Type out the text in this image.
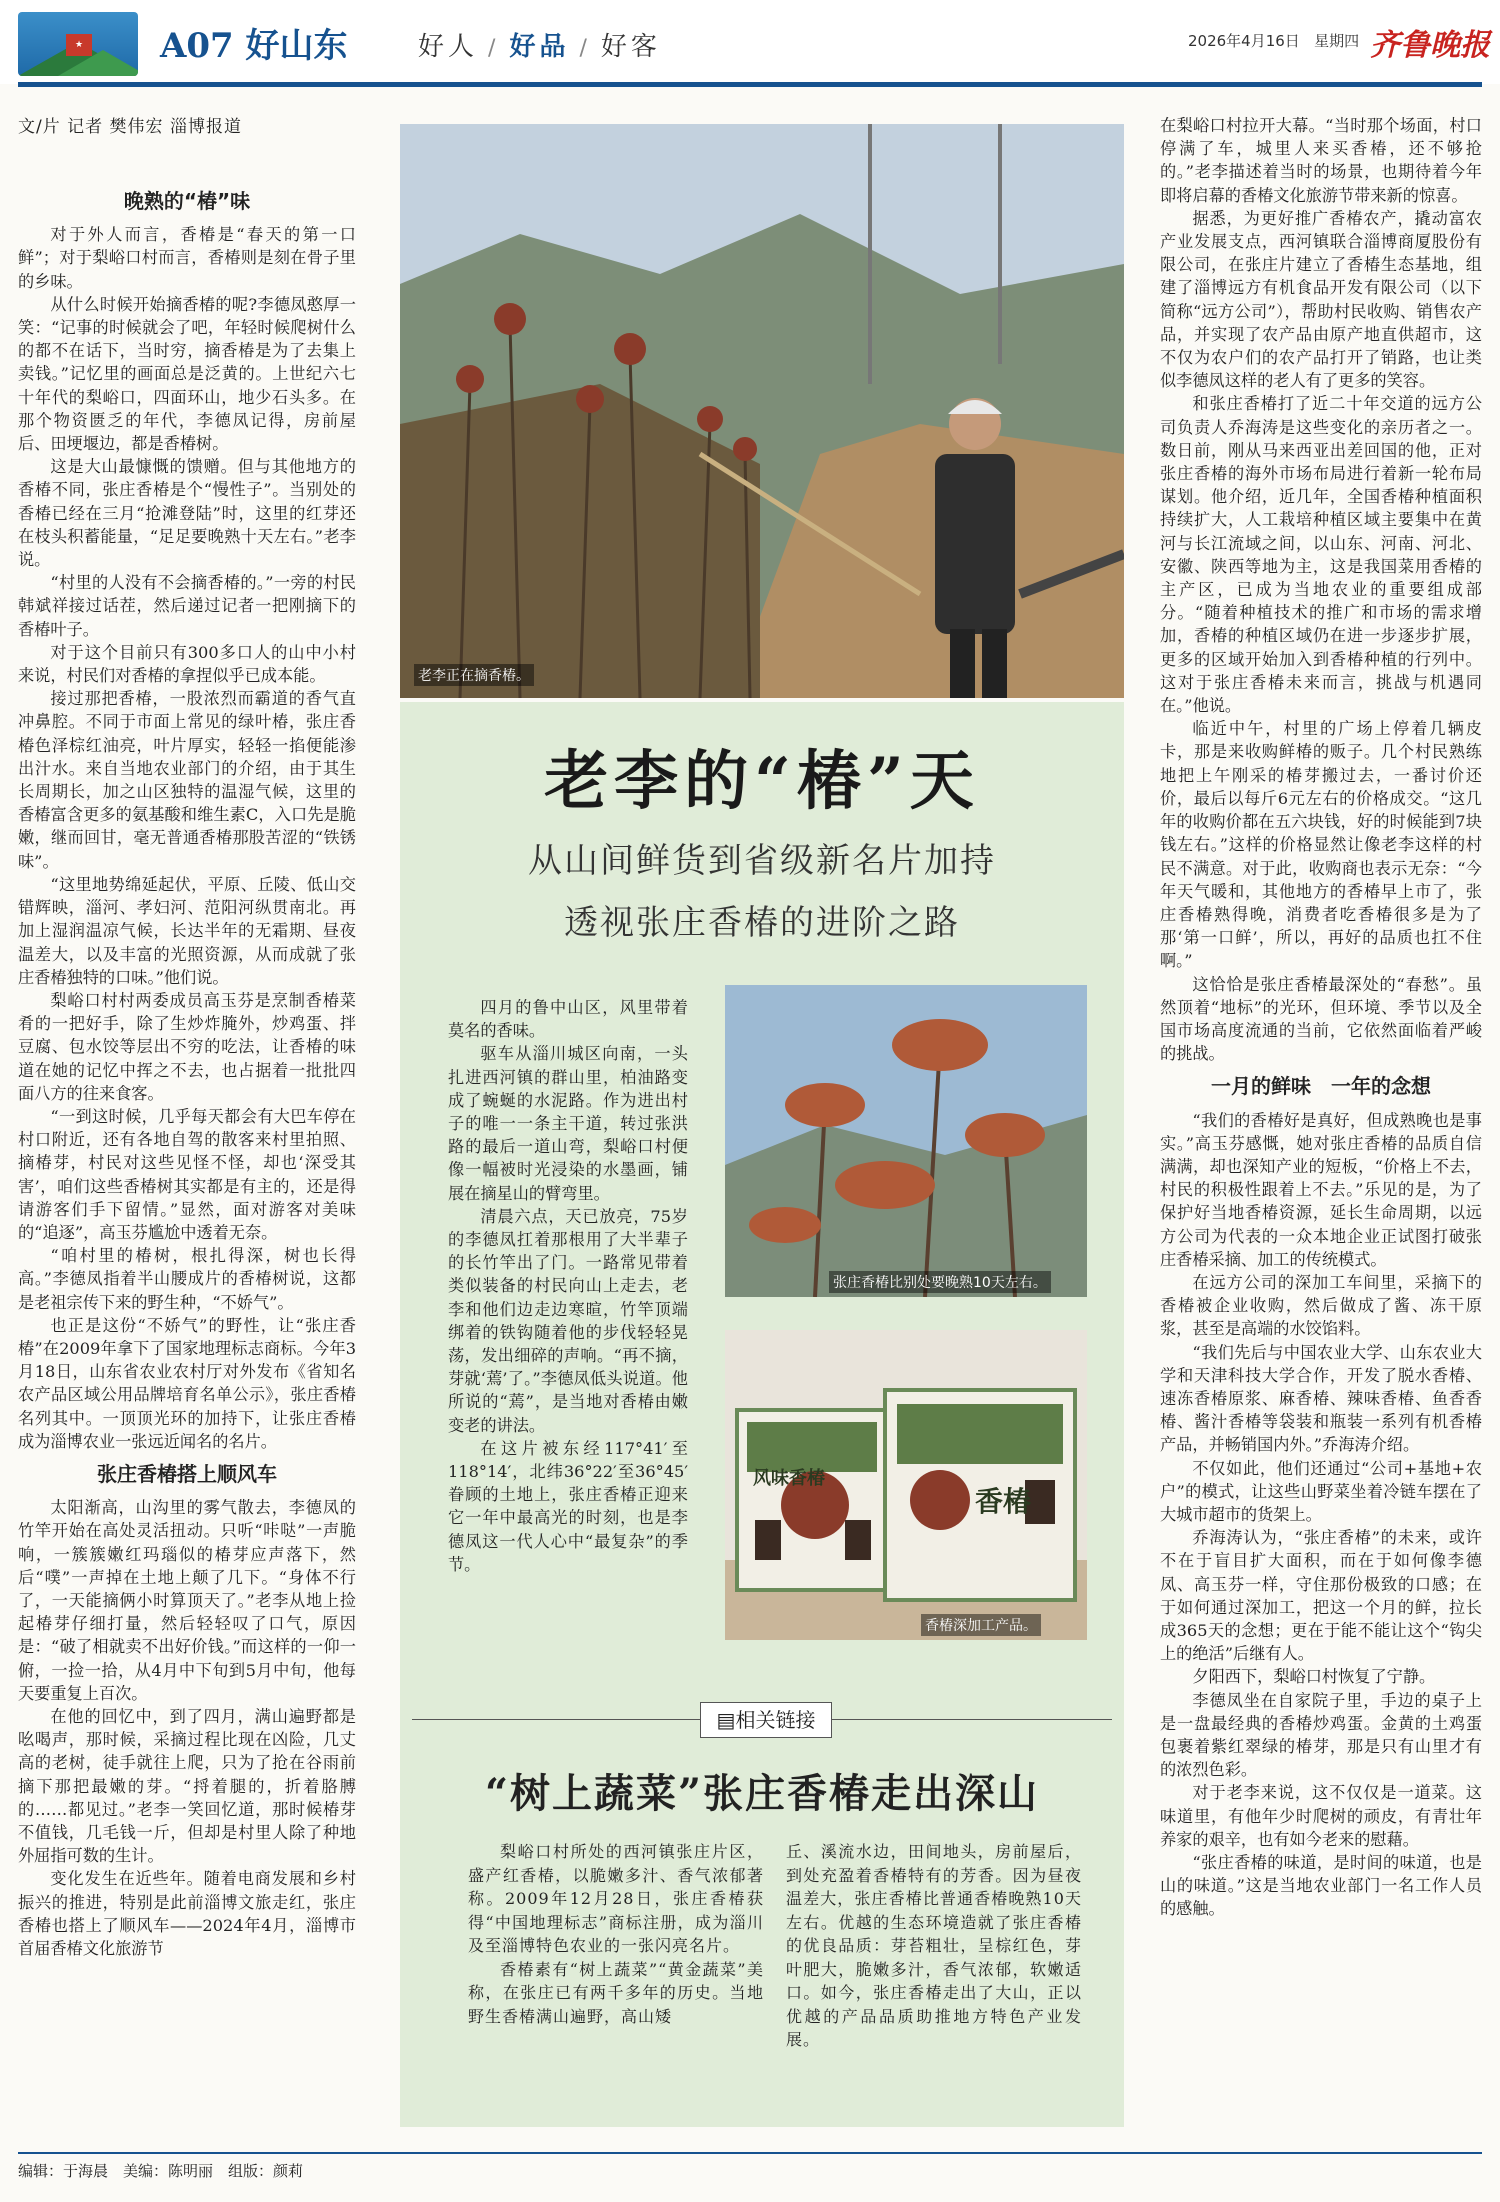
★ A07 好山东	好人 / 好品 / 好客	2026年4月16日 星期四 齐鲁晚报
文/片 记者 樊伟宏 淄博报道
晚熟的“椿”味

对于外人而言，香椿是“春天的第一口鲜”；对于梨峪口村而言，香椿则是刻在骨子里的乡味。

从什么时候开始摘香椿的呢?李德凤憨厚一笑：“记事的时候就会了吧，年轻时候爬树什么的都不在话下，当时穷，摘香椿是为了去集上卖钱。”记忆里的画面总是泛黄的。上世纪六七十年代的梨峪口，四面环山，地少石头多。在那个物资匮乏的年代，李德凤记得，房前屋后、田埂堰边，都是香椿树。

这是大山最慷慨的馈赠。但与其他地方的香椿不同，张庄香椿是个“慢性子”。当别处的香椿已经在三月“抢滩登陆”时，这里的红芽还在枝头积蓄能量，“足足要晚熟十天左右。”老李说。

“村里的人没有不会摘香椿的。”一旁的村民韩斌祥接过话茬，然后递过记者一把刚摘下的香椿叶子。

对于这个目前只有300多口人的山中小村来说，村民们对香椿的拿捏似乎已成本能。

接过那把香椿，一股浓烈而霸道的香气直冲鼻腔。不同于市面上常见的绿叶椿，张庄香椿色泽棕红油亮，叶片厚实，轻轻一掐便能渗出汁水。来自当地农业部门的介绍，由于其生长周期长，加之山区独特的温湿气候，这里的香椿富含更多的氨基酸和维生素C，入口先是脆嫩，继而回甘，毫无普通香椿那股苦涩的“铁锈味”。

“这里地势绵延起伏，平原、丘陵、低山交错辉映，淄河、孝妇河、范阳河纵贯南北。再加上湿润温凉气候，长达半年的无霜期、昼夜温差大，以及丰富的光照资源，从而成就了张庄香椿独特的口味。”他们说。

梨峪口村村两委成员高玉芬是烹制香椿菜肴的一把好手，除了生炒炸腌外，炒鸡蛋、拌豆腐、包水饺等层出不穷的吃法，让香椿的味道在她的记忆中挥之不去，也占据着一批批四面八方的往来食客。

“一到这时候，几乎每天都会有大巴车停在村口附近，还有各地自驾的散客来村里拍照、摘椿芽，村民对这些见怪不怪，却也‘深受其害’，咱们这些香椿树其实都是有主的，还是得请游客们手下留情。”显然，面对游客对美味的“追逐”，高玉芬尴尬中透着无奈。

“咱村里的椿树，根扎得深，树也长得高。”李德凤指着半山腰成片的香椿树说，这都是老祖宗传下来的野生种，“不娇气”。

也正是这份“不娇气”的野性，让“张庄香椿”在2009年拿下了国家地理标志商标。今年3月18日，山东省农业农村厅对外发布《省知名农产品区域公用品牌培育名单公示》，张庄香椿名列其中。一顶顶光环的加持下，让张庄香椿成为淄博农业一张远近闻名的名片。

张庄香椿搭上顺风车

太阳渐高，山沟里的雾气散去，李德凤的竹竿开始在高处灵活扭动。只听“咔哒”一声脆响，一簇簇嫩红玛瑙似的椿芽应声落下，然后“噗”一声掉在土地上颠了几下。“身体不行了，一天能摘俩小时算顶天了。”老李从地上捡起椿芽仔细打量，然后轻轻叹了口气，原因是：“破了相就卖不出好价钱。”而这样的一仰一俯，一捡一拾，从4月中下旬到5月中旬，他每天要重复上百次。

在他的回忆中，到了四月，满山遍野都是吆喝声，那时候，采摘过程比现在凶险，几丈高的老树，徒手就往上爬，只为了抢在谷雨前摘下那把最嫩的芽。“捋着腿的，折着胳膊的……都见过。”老李一笑回忆道，那时候椿芽不值钱，几毛钱一斤，但却是村里人除了种地外屈指可数的生计。

变化发生在近些年。随着电商发展和乡村振兴的推进，特别是此前淄博文旅走红，张庄香椿也搭上了顺风车——2024年4月，淄博市首届香椿文化旅游节

老李正在摘香椿。
老李的“椿”天
从山间鲜货到省级新名片加持
透视张庄香椿的进阶之路

四月的鲁中山区，风里带着莫名的香味。

驱车从淄川城区向南，一头扎进西河镇的群山里，柏油路变成了蜿蜒的水泥路。作为进出村子的唯一一条主干道，转过张洪路的最后一道山弯，梨峪口村便像一幅被时光浸染的水墨画，铺展在摘星山的臂弯里。

清晨六点，天已放亮，75岁的李德凤扛着那根用了大半辈子的长竹竿出了门。一路常见带着类似装备的村民向山上走去，老李和他们边走边寒暄，竹竿顶端绑着的铁钩随着他的步伐轻轻晃荡，发出细碎的声响。“再不摘，芽就‘蔫’了。”李德凤低头说道。他所说的“蔫”，是当地对香椿由嫩变老的讲法。

在这片被东经117°41′至118°14′，北纬36°22′至36°45′眷顾的土地上，张庄香椿正迎来它一年中最高光的时刻，也是李德凤这一代人心中“最复杂”的季节。

张庄香椿比别处要晚熟10天左右。
风味香椿
香椿
香椿深加工产品。
▤相关链接
“树上蔬菜”张庄香椿走出深山

梨峪口村所处的西河镇张庄片区，盛产红香椿，以脆嫩多汁、香气浓郁著称。2009年12月28日，张庄香椿获得“中国地理标志”商标注册，成为淄川及至淄博特色农业的一张闪亮名片。

香椿素有“树上蔬菜”“黄金蔬菜”美称，在张庄已有两千多年的历史。当地野生香椿满山遍野，高山矮

丘、溪流水边，田间地头，房前屋后，到处充盈着香椿特有的芳香。因为昼夜温差大，张庄香椿比普通香椿晚熟10天左右。优越的生态环境造就了张庄香椿的优良品质：芽苔粗壮，呈棕红色，芽叶肥大，脆嫩多汁，香气浓郁，软嫩适口。如今，张庄香椿走出了大山，正以优越的产品品质助推地方特色产业发展。

在梨峪口村拉开大幕。“当时那个场面，村口停满了车，城里人来买香椿，还不够抢的。”老李描述着当时的场景，也期待着今年即将启幕的香椿文化旅游节带来新的惊喜。

据悉，为更好推广香椿农产，撬动富农产业发展支点，西河镇联合淄博商厦股份有限公司，在张庄片建立了香椿生态基地，组建了淄博远方有机食品开发有限公司（以下简称“远方公司”），帮助村民收购、销售农产品，并实现了农产品由原产地直供超市，这不仅为农户们的农产品打开了销路，也让类似李德凤这样的老人有了更多的笑容。

和张庄香椿打了近二十年交道的远方公司负责人乔海涛是这些变化的亲历者之一。数日前，刚从马来西亚出差回国的他，正对张庄香椿的海外市场布局进行着新一轮布局谋划。他介绍，近几年，全国香椿种植面积持续扩大，人工栽培种植区域主要集中在黄河与长江流域之间，以山东、河南、河北、安徽、陕西等地为主，这是我国菜用香椿的主产区，已成为当地农业的重要组成部分。“随着种植技术的推广和市场的需求增加，香椿的种植区域仍在进一步逐步扩展，更多的区域开始加入到香椿种植的行列中。这对于张庄香椿未来而言，挑战与机遇同在。”他说。

临近中午，村里的广场上停着几辆皮卡，那是来收购鲜椿的贩子。几个村民熟练地把上午刚采的椿芽搬过去，一番讨价还价，最后以每斤6元左右的价格成交。“这几年的收购价都在五六块钱，好的时候能到7块钱左右。”这样的价格显然让像老李这样的村民不满意。对于此，收购商也表示无奈：“今年天气暖和，其他地方的香椿早上市了，张庄香椿熟得晚，消费者吃香椿很多是为了那‘第一口鲜’，所以，再好的品质也扛不住啊。”

这恰恰是张庄香椿最深处的“春愁”。虽然顶着“地标”的光环，但环境、季节以及全国市场高度流通的当前，它依然面临着严峻的挑战。

一月的鲜味　一年的念想

“我们的香椿好是真好，但成熟晚也是事实。”高玉芬感慨，她对张庄香椿的品质自信满满，却也深知产业的短板，“价格上不去，村民的积极性跟着上不去。”乐见的是，为了保护好当地香椿资源，延长生命周期，以远方公司为代表的一众本地企业正试图打破张庄香椿采摘、加工的传统模式。

在远方公司的深加工车间里，采摘下的香椿被企业收购，然后做成了酱、冻干原浆，甚至是高端的水饺馅料。

“我们先后与中国农业大学、山东农业大学和天津科技大学合作，开发了脱水香椿、速冻香椿原浆、麻香椿、辣味香椿、鱼香香椿、酱汁香椿等袋装和瓶装一系列有机香椿产品，并畅销国内外。”乔海涛介绍。

不仅如此，他们还通过“公司+基地+农户”的模式，让这些山野菜坐着冷链车摆在了大城市超市的货架上。

乔海涛认为，“张庄香椿”的未来，或许不在于盲目扩大面积，而在于如何像李德凤、高玉芬一样，守住那份极致的口感；在于如何通过深加工，把这一个月的鲜，拉长成365天的念想；更在于能不能让这个“钩尖上的绝活”后继有人。

夕阳西下，梨峪口村恢复了宁静。

李德凤坐在自家院子里，手边的桌子上是一盘最经典的香椿炒鸡蛋。金黄的土鸡蛋包裹着紫红翠绿的椿芽，那是只有山里才有的浓烈色彩。

对于老李来说，这不仅仅是一道菜。这味道里，有他年少时爬树的顽皮，有青壮年养家的艰辛，也有如今老来的慰藉。

“张庄香椿的味道，是时间的味道，也是山的味道。”这是当地农业部门一名工作人员的感触。

编辑：于海晨　美编：陈明丽　组版：颜莉
